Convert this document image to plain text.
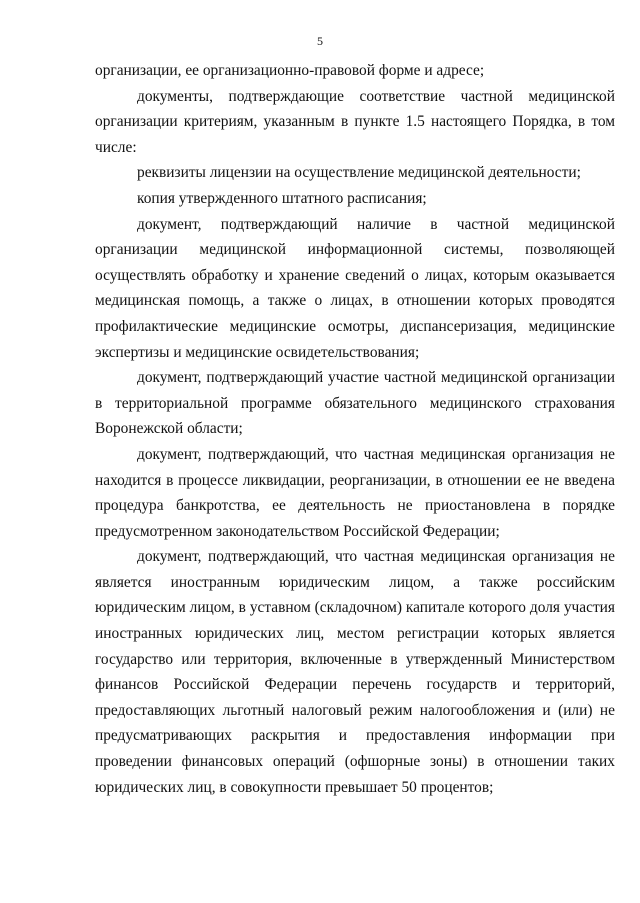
5

организации, ее организационно-правовой форме и адресе;

документы, подтверждающие соответствие частной медицинской организации критериям, указанным в пункте 1.5 настоящего Порядка, в том числе:

реквизиты лицензии на осуществление медицинской деятельности;

копия утвержденного штатного расписания;

документ, подтверждающий наличие в частной медицинской организации медицинской информационной системы, позволяющей осуществлять обработку и хранение сведений о лицах, которым оказывается медицинская помощь, а также о лицах, в отношении которых проводятся профилактические медицинские осмотры, диспансеризация, медицинские экспертизы и медицинские освидетельствования;

документ, подтверждающий участие частной медицинской организации в территориальной программе обязательного медицинского страхования Воронежской области;

документ, подтверждающий, что частная медицинская организация не находится в процессе ликвидации, реорганизации, в отношении ее не введена процедура банкротства, ее деятельность не приостановлена в порядке предусмотренном законодательством Российской Федерации;

документ, подтверждающий, что частная медицинская организация не является иностранным юридическим лицом, а также российским юридическим лицом, в уставном (складочном) капитале которого доля участия иностранных юридических лиц, местом регистрации которых является государство или территория, включенные в утвержденный Министерством финансов Российской Федерации перечень государств и территорий, предоставляющих льготный налоговый режим налогообложения и (или) не предусматривающих раскрытия и предоставления информации при проведении финансовых операций (офшорные зоны) в отношении таких юридических лиц, в совокупности превышает 50 процентов;
